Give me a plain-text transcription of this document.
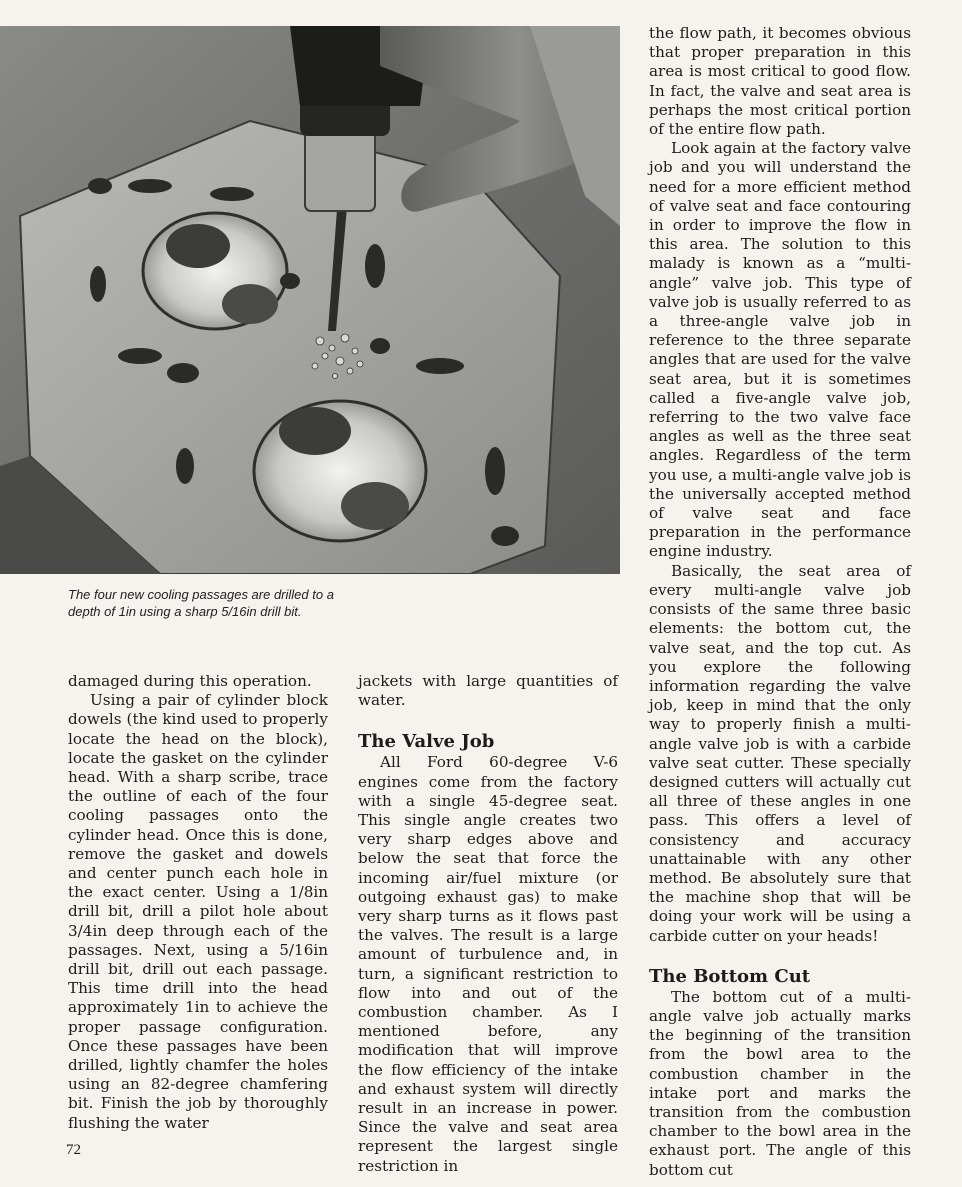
The four new cooling passages are drilled to a depth of 1in using a sharp 5/16in drill bit.

damaged during this operation.

Using a pair of cylinder block dowels (the kind used to properly locate the head on the block), locate the gasket on the cylinder head. With a sharp scribe, trace the outline of each of the four cooling passages onto the cylinder head. Once this is done, remove the gasket and dowels and center punch each hole in the exact center. Using a 1/8in drill bit, drill a pilot hole about 3/4in deep through each of the passages. Next, using a 5/16in drill bit, drill out each passage. This time drill into the head approximately 1in to achieve the proper passage configuration. Once these passages have been drilled, lightly chamfer the holes using an 82-degree chamfering bit. Finish the job by thoroughly flushing the water

jackets with large quantities of water.

The Valve Job

All Ford 60-degree V-6 engines come from the factory with a single 45-degree seat. This single angle creates two very sharp edges above and below the seat that force the incoming air/fuel mixture (or outgoing exhaust gas) to make very sharp turns as it flows past the valves. The result is a large amount of turbulence and, in turn, a significant restriction to flow into and out of the combustion chamber. As I mentioned before, any modification that will improve the flow efficiency of the intake and exhaust system will directly result in an increase in power. Since the valve and seat area represent the largest single restriction in

the flow path, it becomes obvious that proper preparation in this area is most critical to good flow. In fact, the valve and seat area is perhaps the most critical portion of the entire flow path.

Look again at the factory valve job and you will understand the need for a more efficient method of valve seat and face contouring in order to improve the flow in this area. The solution to this malady is known as a “multi-angle” valve job. This type of valve job is usually referred to as a three-angle valve job in reference to the three separate angles that are used for the valve seat area, but it is sometimes called a five-angle valve job, referring to the two valve face angles as well as the three seat angles. Regardless of the term you use, a multi-angle valve job is the universally accepted method of valve seat and face preparation in the performance engine industry.

Basically, the seat area of every multi-angle valve job consists of the same three basic elements: the bottom cut, the valve seat, and the top cut. As you explore the following information regarding the valve job, keep in mind that the only way to properly finish a multi-angle valve job is with a carbide valve seat cutter. These specially designed cutters will actually cut all three of these angles in one pass. This offers a level of consistency and accuracy unattainable with any other method. Be absolutely sure that the machine shop that will be doing your work will be using a carbide cutter on your heads!

The Bottom Cut

The bottom cut of a multi-angle valve job actually marks the beginning of the transition from the bowl area to the combustion chamber in the intake port and marks the transition from the combustion chamber to the bowl area in the exhaust port. The angle of this bottom cut

72
